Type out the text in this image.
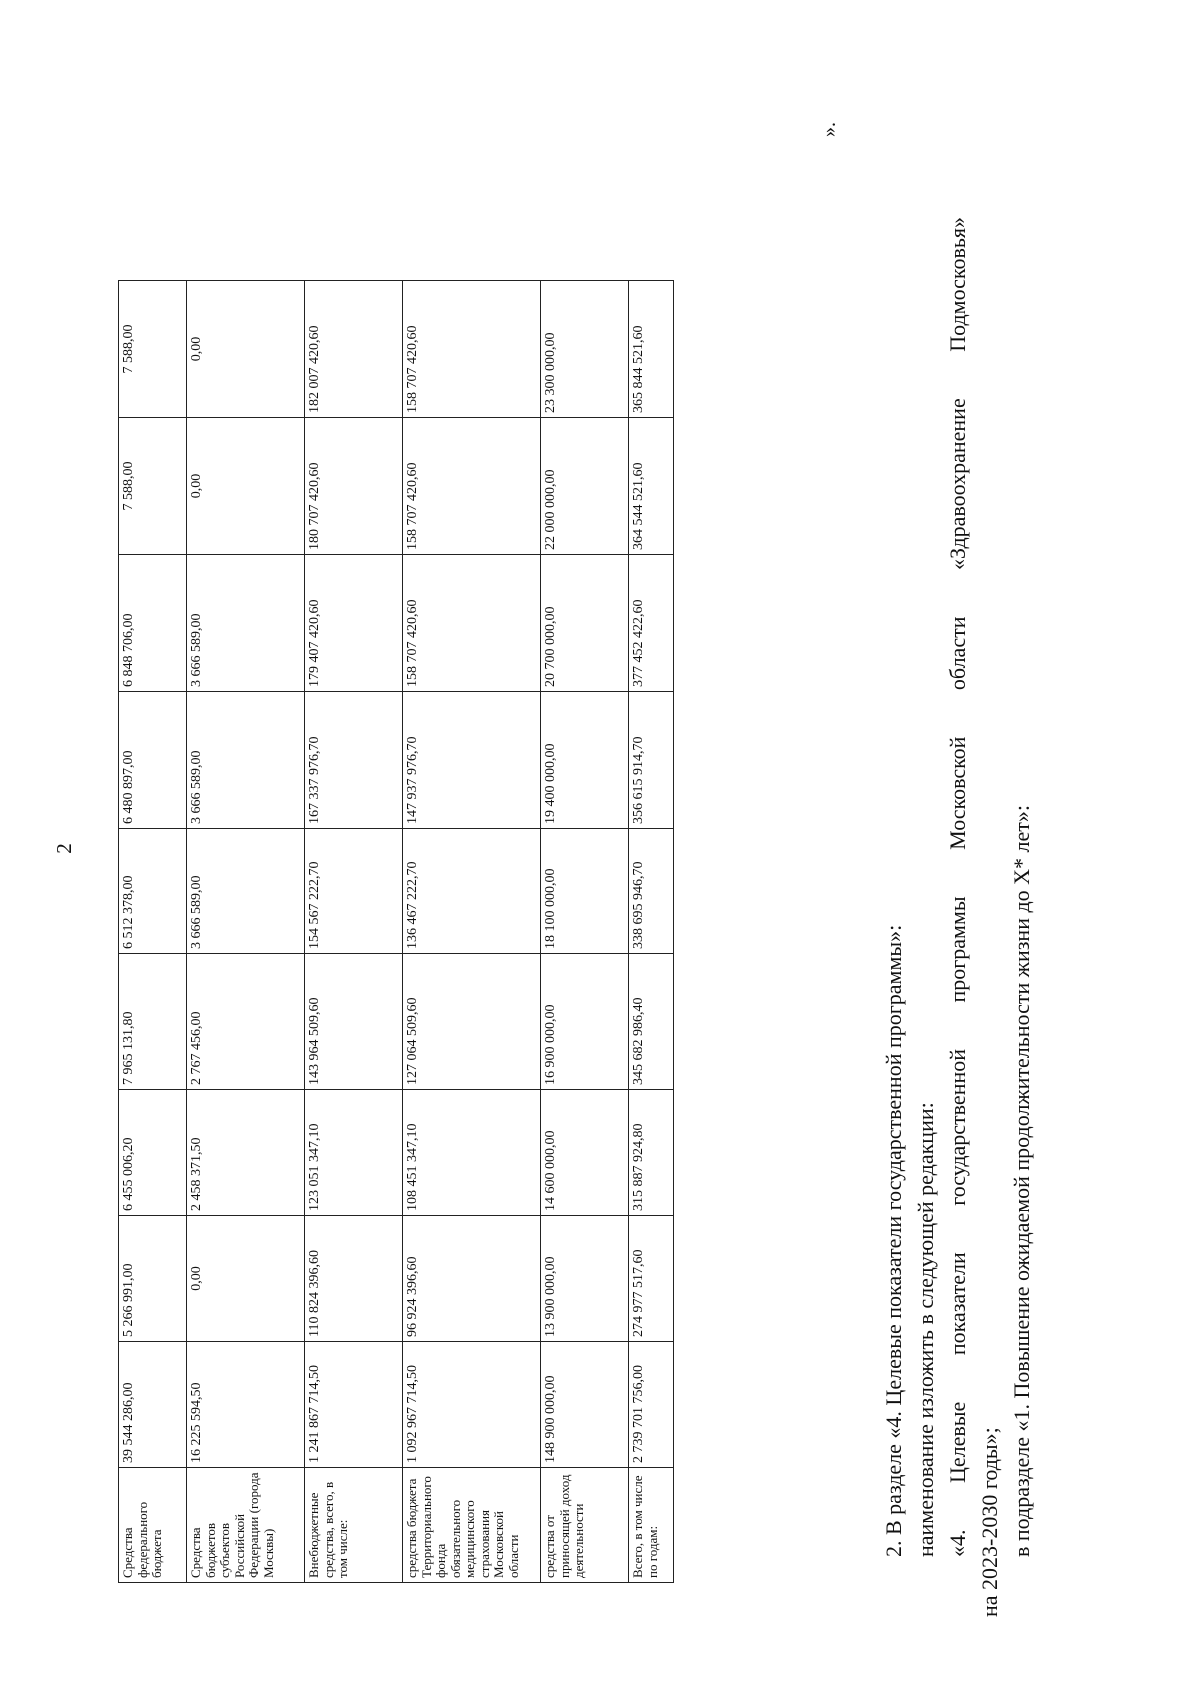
2
Средства федерального бюджета	39 544 286,00	5 266 991,00	6 455 006,20	7 965 131,80	6 512 378,00	6 480 897,00	6 848 706,00	7 588,00	7 588,00
Средства бюджетов субъектов Российской Федерации (города Москвы)	16 225 594,50	0,00	2 458 371,50	2 767 456,00	3 666 589,00	3 666 589,00	3 666 589,00	0,00	0,00
Внебюджетные средства, всего, в том числе:	1 241 867 714,50	110 824 396,60	123 051 347,10	143 964 509,60	154 567 222,70	167 337 976,70	179 407 420,60	180 707 420,60	182 007 420,60
средства бюджета Территориального фонда обязательного медицинского страхования Московской области	1 092 967 714,50	96 924 396,60	108 451 347,10	127 064 509,60	136 467 222,70	147 937 976,70	158 707 420,60	158 707 420,60	158 707 420,60
средства от приносящей доход деятельности	148 900 000,00	13 900 000,00	14 600 000,00	16 900 000,00	18 100 000,00	19 400 000,00	20 700 000,00	22 000 000,00	23 300 000,00
Всего, в том числе по годам:	2 739 701 756,00	274 977 517,60	315 887 924,80	345 682 986,40	338 695 946,70	356 615 914,70	377 452 422,60	364 544 521,60	365 844 521,60
».

2. В разделе «4. Целевые показатели государственной программы»: наименование изложить в следующей редакции: «4. Целевые показатели государственной программы Московской области «Здравоохранение Подмосковья» на 2023-2030 годы»; в подразделе «1. Повышение ожидаемой продолжительности жизни до X* лет»:
